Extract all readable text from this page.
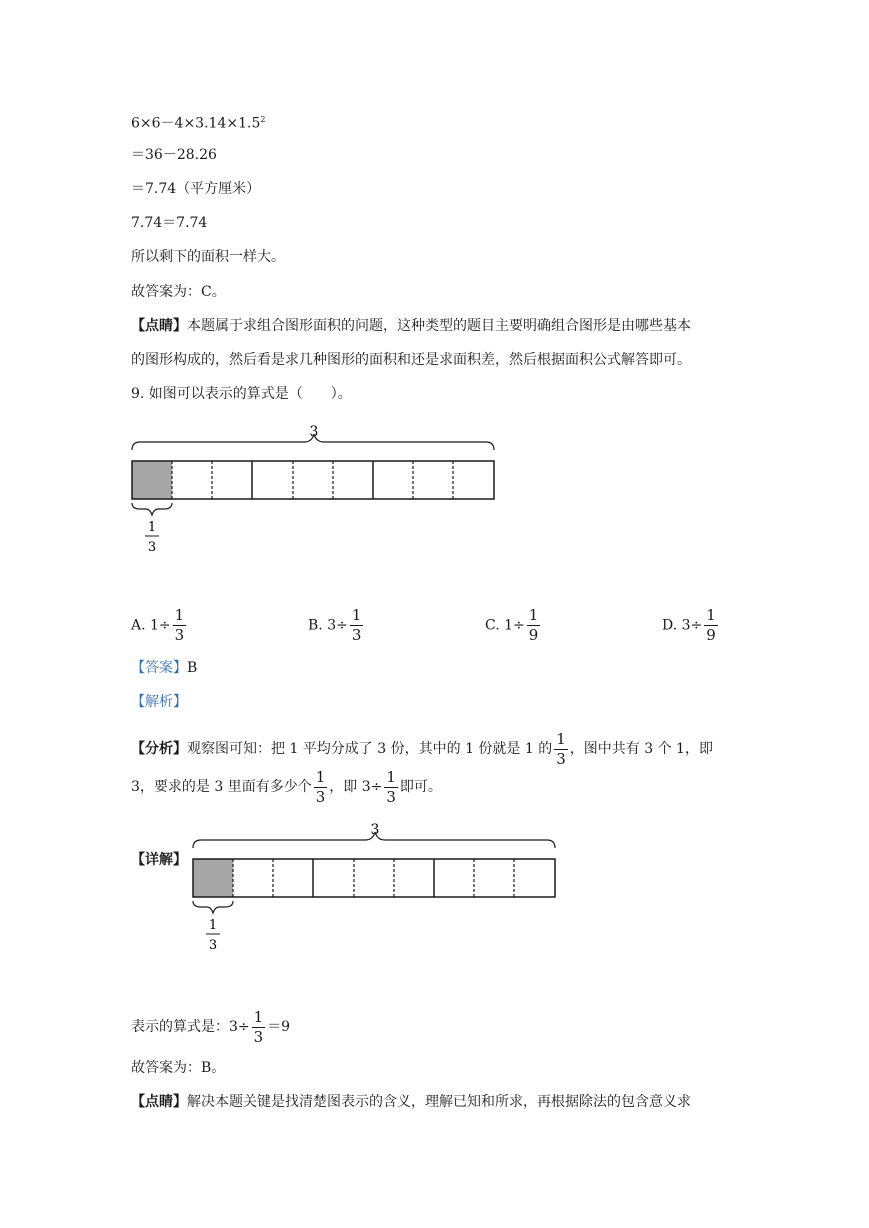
$6\times 6-4\times 3.14\times 1.5^2$
＝36－28.26
＝7.74（平方厘米）
7.74＝7.74
所以剩下的面积一样大。
故答案为：C。
【点睛】本题属于求组合图形面积的问题，这种类型的题目主要明确组合图形是由哪些基本
的图形构成的，然后看是求几种图形的面积和还是求面积差，然后根据面积公式解答即可。
9. 如图可以表示的算式是（　　）。
3
1
3
A. $1\div \frac{1}{3}$	B. $3\div \frac{1}{3}$	C. $1\div \frac{1}{9}$	D. $3\div \frac{1}{9}$
【答案】B
【解析】
【分析】观察图可知：把 1 平均分成了 3 份，其中的 1 份就是 1 的 $\frac{1}{3}$ ，图中共有 3 个 1，即
3，要求的是 3 里面有多少个 $\frac{1}{3}$ ，即 $3\div \frac{1}{3}$ 即可。
【详解】
3
1
3
表示的算式是：$3\div \frac{1}{3} =9$
故答案为：B。
【点睛】解决本题关键是找清楚图表示的含义，理解已知和所求，再根据除法的包含意义求
